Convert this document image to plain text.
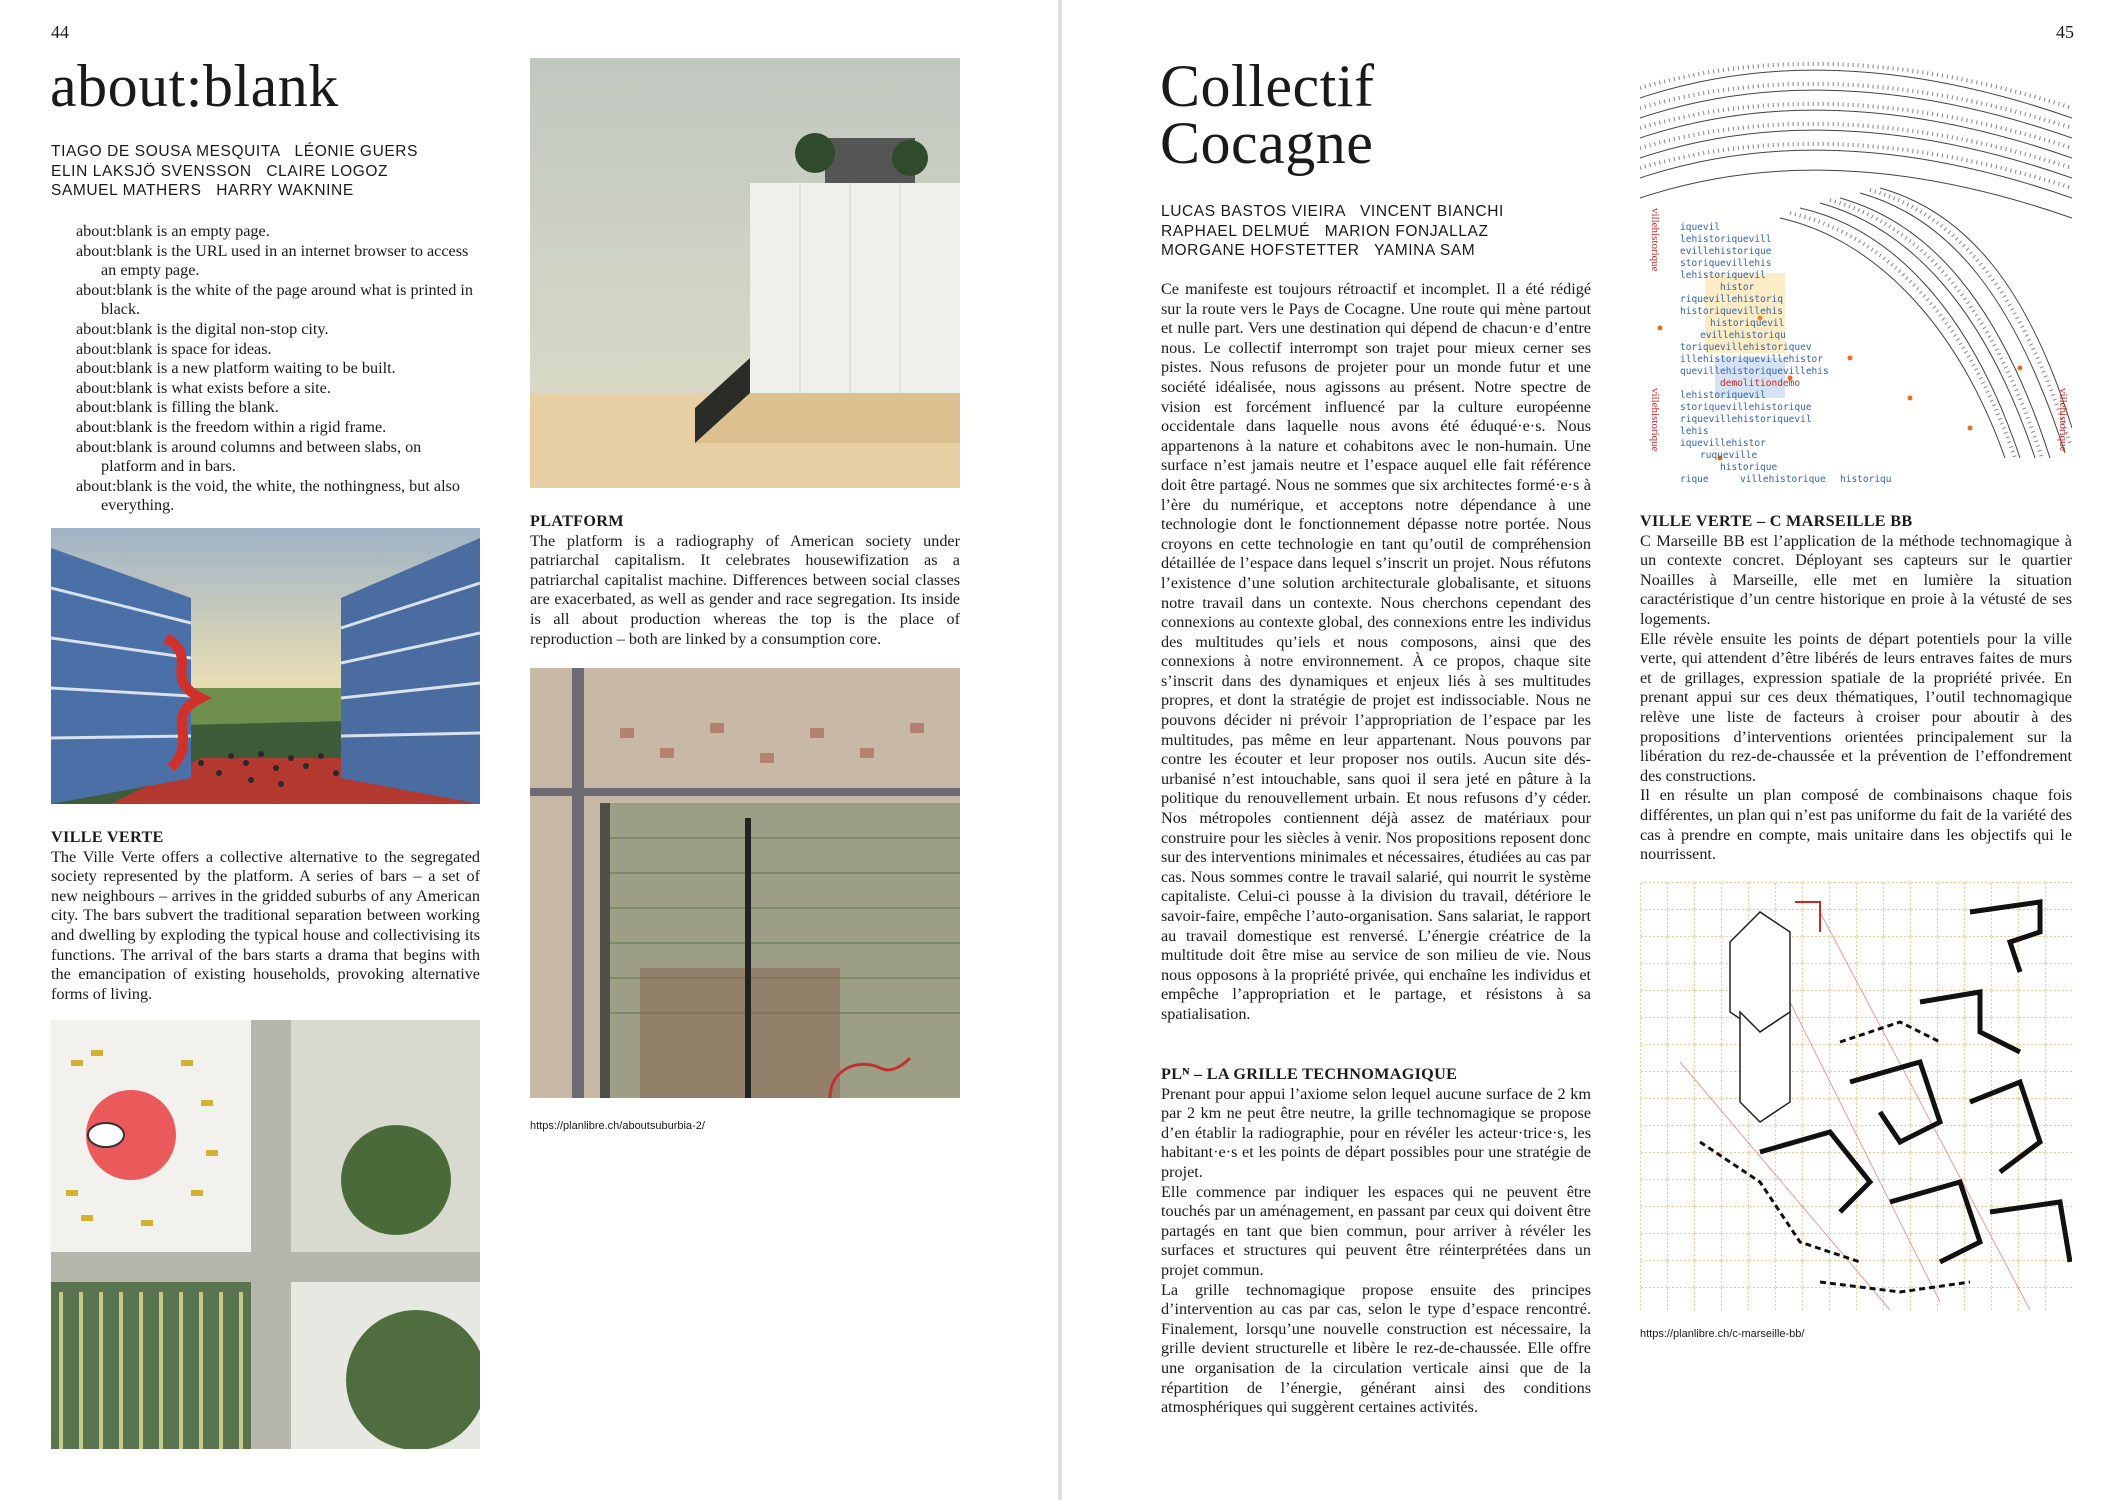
44
about:blank
TIAGO DE SOUSA MESQUITA   LÉONIE GUERS
ELIN LAKSJÖ SVENSSON   CLAIRE LOGOZ
SAMUEL MATHERS   HARRY WAKNINE
about:blank is an empty page.
about:blank is the URL used in an internet browser to access an empty page.
about:blank is the white of the page around what is printed in black.
about:blank is the digital non-stop city.
about:blank is space for ideas.
about:blank is a new platform waiting to be built.
about:blank is what exists before a site.
about:blank is filling the blank.
about:blank is the freedom within a rigid frame.
about:blank is around columns and between slabs, on platform and in bars.
about:blank is the void, the white, the nothingness, but also everything.
VILLE VERTE

The Ville Verte offers a collective alternative to the segregated society represented by the platform. A series of bars – a set of new neighbours – arrives in the gridded suburbs of any American city. The bars subvert the traditional separation between working and dwelling by exploding the typical house and collectivising its functions. The arrival of the bars starts a drama that begins with the emancipation of existing households, provoking alternative forms of living.

PLATFORM

The platform is a radiography of American society under patriarchal capitalism. It celebrates housewifization as a patriarchal capitalist machine. Differences between social classes are exacerbated, as well as gender and race segregation. Its inside is all about production whereas the top is the place of reproduction – both are linked by a consumption core.

https://planlibre.ch/aboutsuburbia-2/
45
Collectif
Cocagne
LUCAS BASTOS VIEIRA   VINCENT BIANCHI
RAPHAEL DELMUÉ   MARION FONJALLAZ
MORGANE HOFSTETTER   YAMINA SAM

Ce manifeste est toujours rétroactif et incomplet. Il a été rédigé sur la route vers le Pays de Cocagne. Une route qui mène partout et nulle part. Vers une destination qui dépend de chacun·e d’entre nous. Le collectif interrompt son trajet pour mieux cerner ses pistes. Nous refusons de projeter pour un monde futur et une société idéalisée, nous agissons au présent. Notre spectre de vision est forcément influencé par la culture européenne occidentale dans laquelle nous avons été éduqué·e·s. Nous appartenons à la nature et cohabitons avec le non-humain. Une surface n’est jamais neutre et l’espace auquel elle fait référence doit être partagé. Nous ne sommes que six architectes formé·e·s à l’ère du numérique, et acceptons notre dépendance à une technologie dont le fonctionnement dépasse notre portée. Nous croyons en cette technologie en tant qu’outil de compréhension détaillée de l’espace dans lequel s’inscrit un projet. Nous réfutons l’existence d’une solution architecturale globalisante, et situons notre travail dans un contexte. Nous cherchons cependant des connexions au contexte global, des connexions entre les individus des multitudes qu’iels et nous composons, ainsi que des connexions à notre environnement. À ce propos, chaque site s’inscrit dans des dynamiques et enjeux liés à ses multitudes propres, et dont la stratégie de projet est indissociable. Nous ne pouvons décider ni prévoir l’appropriation de l’espace par les multitudes, pas même en leur appartenant. Nous pouvons par contre les écouter et leur proposer nos outils. Aucun site dés-urbanisé n’est intouchable, sans quoi il sera jeté en pâture à la politique du renouvellement urbain. Et nous refusons d’y céder. Nos métropoles contiennent déjà assez de matériaux pour construire pour les siècles à venir. Nos propositions reposent donc sur des interventions minimales et nécessaires, étudiées au cas par cas. Nous sommes contre le travail salarié, qui nourrit le système capitaliste. Celui-ci pousse à la division du travail, détériore le savoir-faire, empêche l’auto-organisation. Sans salariat, le rapport au travail domestique est renversé. L’énergie créatrice de la multitude doit être mise au service de son milieu de vie. Nous nous opposons à la propriété privée, qui enchaîne les individus et empêche l’appropriation et le partage, et résistons à sa spatialisation.

PLᴺ – LA GRILLE TECHNOMAGIQUE

Prenant pour appui l’axiome selon lequel aucune surface de 2 km par 2 km ne peut être neutre, la grille technomagique se propose d’en établir la radiographie, pour en révéler les acteur·trice·s, les habitant·e·s et les points de départ possibles pour une stratégie de projet.

Elle commence par indiquer les espaces qui ne peuvent être touchés par un aménagement, en passant par ceux qui doivent être partagés en tant que bien commun, pour arriver à révéler les surfaces et structures qui peuvent être réinterprétées dans un projet commun.

La grille technomagique propose ensuite des principes d’intervention au cas par cas, selon le type d’espace rencontré. Finalement, lorsqu’une nouvelle construction est nécessaire, la grille devient structurelle et libère le rez-de-chaussée. Elle offre une organisation de la circulation verticale ainsi que de la répartition de l’énergie, générant ainsi des conditions atmosphériques qui suggèrent certaines activités.

villehistorique
villehistorique	villehistorique
iquevil
lehistoriquevill
evillehistorique
storiquevillehis
lehistoriquevil
histor
riquevillehistoriq
historiquevillehis
historiquevil
evillehistoriqu
toriquevillehistoriquev
illehistoriquevillehistor
quevillehistoriquevillehis
demolitiondemo
lehistoriquevil
storiquevillehistorique
riquevillehistoriquevil
lehis
iquevillehistor
ruqueville
historique
rique	villehistorique historiqu
VILLE VERTE – C MARSEILLE BB

C Marseille BB est l’application de la méthode technomagique à un contexte concret. Déployant ses capteurs sur le quartier Noailles à Marseille, elle met en lumière la situation caractéristique d’un centre historique en proie à la vétusté de ses logements.

Elle révèle ensuite les points de départ potentiels pour la ville verte, qui attendent d’être libérés de leurs entraves faites de murs et de grillages, expression spatiale de la propriété privée. En prenant appui sur ces deux thématiques, l’outil technomagique relève une liste de facteurs à croiser pour aboutir à des propositions d’interventions orientées principalement sur la libération du rez-de-chaussée et la prévention de l’effondrement des constructions.

Il en résulte un plan composé de combinaisons chaque fois différentes, un plan qui n’est pas uniforme du fait de la variété des cas à prendre en compte, mais unitaire dans les objectifs qui le nourrissent.

https://planlibre.ch/c-marseille-bb/
